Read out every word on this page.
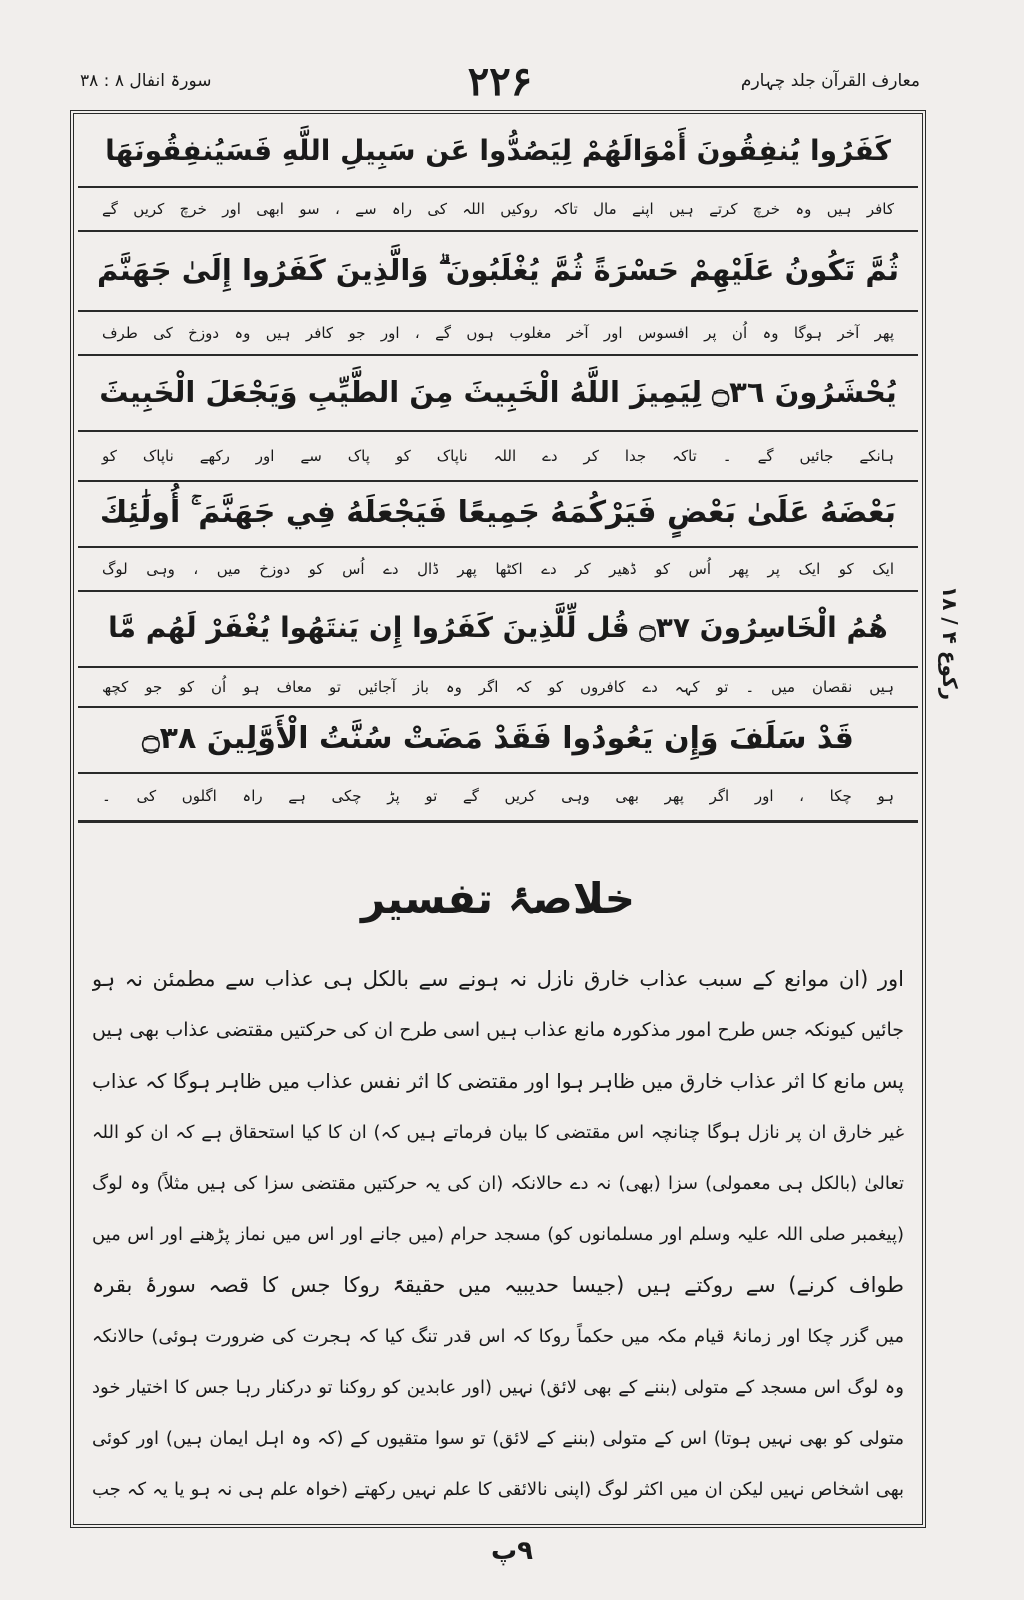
سورۃ انفال ۸ : ۳۸	۲۲۶	معارف القرآن جلد چہارم
رکوع ۴ / ۱۸
كَفَرُوا يُنفِقُونَ أَمْوَالَهُمْ لِيَصُدُّوا عَن سَبِيلِ اللَّهِ فَسَيُنفِقُونَهَا
کافر ہیں وہ خرچ کرتے ہیں اپنے مال تاکہ روکیں اللہ کی راہ سے ، سو ابھی اور خرچ کریں گے
ثُمَّ تَكُونُ عَلَيْهِمْ حَسْرَةً ثُمَّ يُغْلَبُونَ ۗ وَالَّذِينَ كَفَرُوا إِلَىٰ جَهَنَّمَ
پھر آخر ہوگا وہ اُن پر افسوس اور آخر مغلوب ہوں گے ، اور جو کافر ہیں وہ دوزخ کی طرف
يُحْشَرُونَ ۝٣٦ لِيَمِيزَ اللَّهُ الْخَبِيثَ مِنَ الطَّيِّبِ وَيَجْعَلَ الْخَبِيثَ
ہانکے جائیں گے ۔ تاکہ جدا کر دے اللہ ناپاک کو پاک سے اور رکھے ناپاک کو
بَعْضَهُ عَلَىٰ بَعْضٍ فَيَرْكُمَهُ جَمِيعًا فَيَجْعَلَهُ فِي جَهَنَّمَ ۚ أُولَٰئِكَ
ایک کو ایک پر پھر اُس کو ڈھیر کر دے اکٹھا پھر ڈال دے اُس کو دوزخ میں ، وہی لوگ
هُمُ الْخَاسِرُونَ ۝٣٧ قُل لِّلَّذِينَ كَفَرُوا إِن يَنتَهُوا يُغْفَرْ لَهُم مَّا
ہیں نقصان میں ۔ تو کہہ دے کافروں کو کہ اگر وہ باز آجائیں تو معاف ہو اُن کو جو کچھ
قَدْ سَلَفَ وَإِن يَعُودُوا فَقَدْ مَضَتْ سُنَّتُ الْأَوَّلِينَ ۝٣٨
ہو چکا ، اور اگر پھر بھی وہی کریں گے تو پڑ چکی ہے راہ اگلوں کی ۔
خلاصۂ تفسیر
اور (ان موانع کے سبب عذاب خارق نازل نہ ہونے سے بالکل ہی عذاب سے مطمئن نہ ہو
جائیں کیونکہ جس طرح امور مذکورہ مانع عذاب ہیں اسی طرح ان کی حرکتیں مقتضی عذاب بھی ہیں
پس مانع کا اثر عذاب خارق میں ظاہر ہوا اور مقتضی کا اثر نفس عذاب میں ظاہر ہوگا کہ عذاب
غیر خارق ان پر نازل ہوگا چنانچہ اس مقتضی کا بیان فرماتے ہیں کہ) ان کا کیا استحقاق ہے کہ ان کو اللہ
تعالیٰ (بالکل ہی معمولی) سزا (بھی) نہ دے حالانکہ (ان کی یہ حرکتیں مقتضی سزا کی ہیں مثلاً) وہ لوگ
(پیغمبر صلی اللہ علیہ وسلم اور مسلمانوں کو) مسجد حرام (میں جانے اور اس میں نماز پڑھنے اور اس میں
طواف کرنے) سے روکتے ہیں (جیسا حدیبیہ میں حقیقۃً روکا جس کا قصہ سورۂ بقرہ
میں گزر چکا اور زمانۂ قیام مکہ میں حکماً روکا کہ اس قدر تنگ کیا کہ ہجرت کی ضرورت ہوئی) حالانکہ
وہ لوگ اس مسجد کے متولی (بننے کے بھی لائق) نہیں (اور عابدین کو روکنا تو درکنار رہا جس کا اختیار خود
متولی کو بھی نہیں ہوتا) اس کے متولی (بننے کے لائق) تو سوا متقیوں کے (کہ وہ اہل ایمان ہیں) اور کوئی
بھی اشخاص نہیں لیکن ان میں اکثر لوگ (اپنی نالائقی کا علم نہیں رکھتے (خواہ علم ہی نہ ہو یا یہ کہ جب
۹پ
